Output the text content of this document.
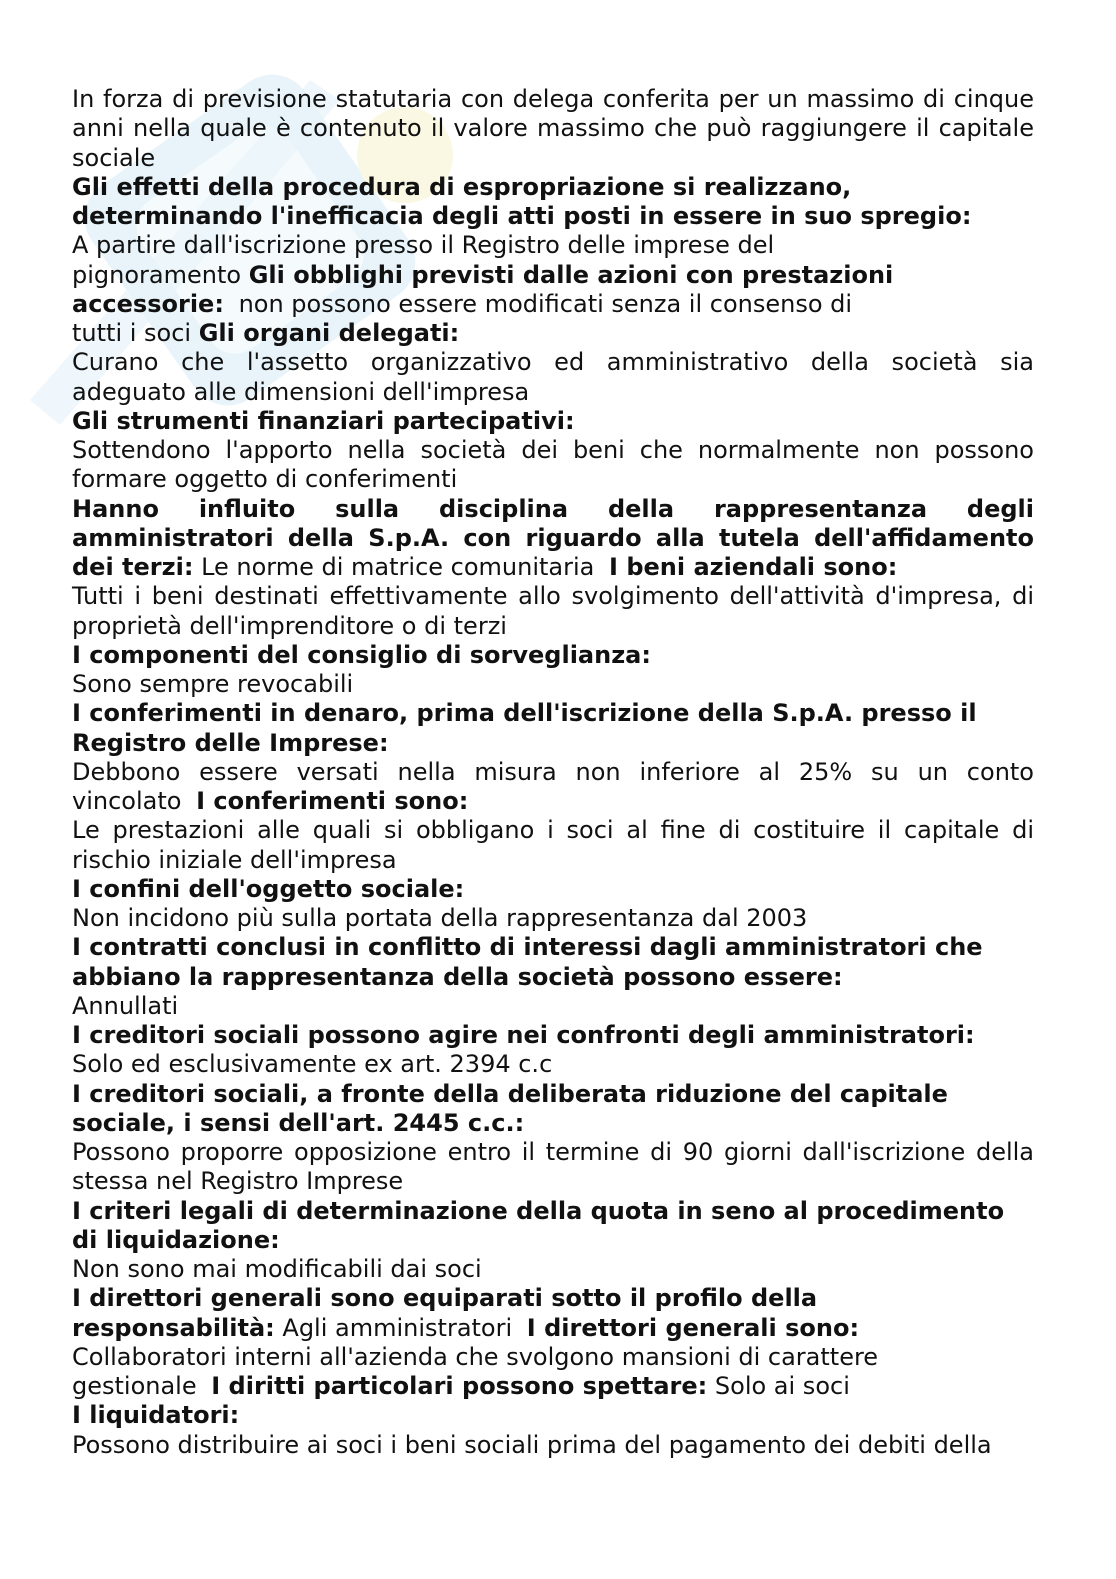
In forza di previsione statutaria con delega conferita per un massimo di cinque
anni nella quale è contenuto il valore massimo che può raggiungere il capitale
sociale
Gli effetti della procedura di espropriazione si realizzano,
determinando l'inefficacia degli atti posti in essere in suo spregio:
A partire dall'iscrizione presso il Registro delle imprese del
pignoramento Gli obblighi previsti dalle azioni con prestazioni
accessorie: non possono essere modificati senza il consenso di
tutti i soci Gli organi delegati:
Curano che l'assetto organizzativo ed amministrativo della società sia
adeguato alle dimensioni dell'impresa
Gli strumenti finanziari partecipativi:
Sottendono l'apporto nella società dei beni che normalmente non possono
formare oggetto di conferimenti
Hanno influito sulla disciplina della rappresentanza degli
amministratori della S.p.A. con riguardo alla tutela dell'affidamento
dei terzi: Le norme di matrice comunitaria I beni aziendali sono:
Tutti i beni destinati effettivamente allo svolgimento dell'attività d'impresa, di
proprietà dell'imprenditore o di terzi
I componenti del consiglio di sorveglianza:
Sono sempre revocabili
I conferimenti in denaro, prima dell'iscrizione della S.p.A. presso il
Registro delle Imprese:
Debbono essere versati nella misura non inferiore al 25% su un conto
vincolato I conferimenti sono:
Le prestazioni alle quali si obbligano i soci al fine di costituire il capitale di
rischio iniziale dell'impresa
I confini dell'oggetto sociale:
Non incidono più sulla portata della rappresentanza dal 2003
I contratti conclusi in conflitto di interessi dagli amministratori che
abbiano la rappresentanza della società possono essere:
Annullati
I creditori sociali possono agire nei confronti degli amministratori:
Solo ed esclusivamente ex art. 2394 c.c
I creditori sociali, a fronte della deliberata riduzione del capitale
sociale, i sensi dell'art. 2445 c.c.:
Possono proporre opposizione entro il termine di 90 giorni dall'iscrizione della
stessa nel Registro Imprese
I criteri legali di determinazione della quota in seno al procedimento
di liquidazione:
Non sono mai modificabili dai soci
I direttori generali sono equiparati sotto il profilo della
responsabilità: Agli amministratori I direttori generali sono:
Collaboratori interni all'azienda che svolgono mansioni di carattere
gestionale I diritti particolari possono spettare: Solo ai soci
I liquidatori:
Possono distribuire ai soci i beni sociali prima del pagamento dei debiti della
